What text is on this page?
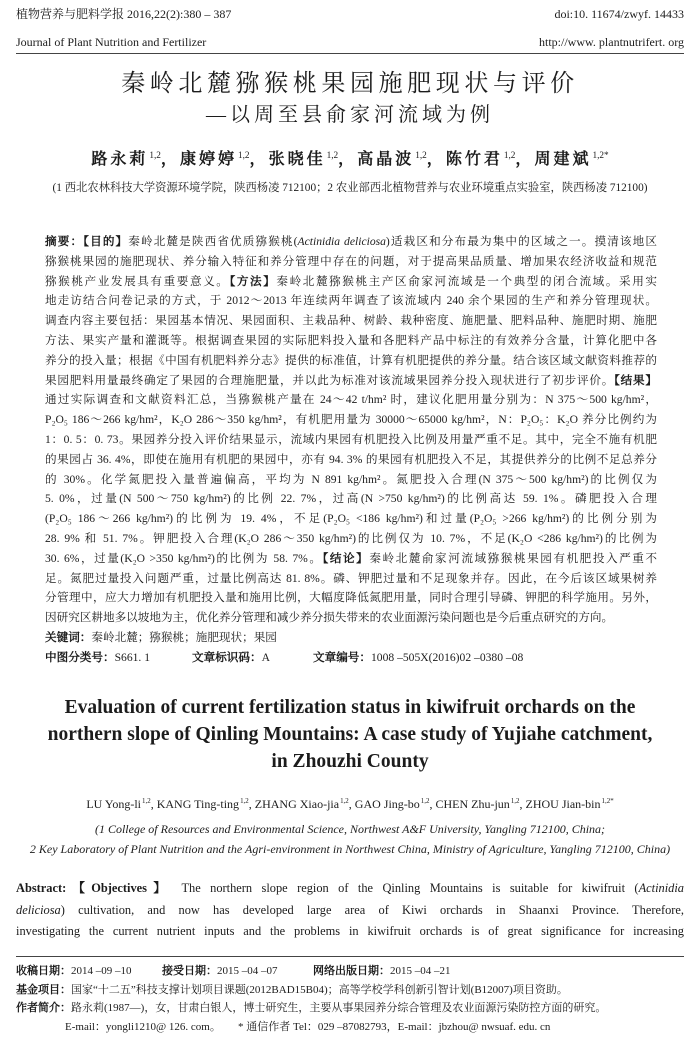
植物营养与肥料学报 2016,22(2):380 – 387	doi:10. 11674/zwyf. 14433
Journal of Plant Nutrition and Fertilizer	http://www. plantnutrifert. org
秦岭北麓猕猴桃果园施肥现状与评价
—以周至县俞家河流域为例
路永莉$^{1,2}$，康婷婷$^{1,2}$，张晓佳$^{1,2}$，高晶波$^{1,2}$，陈竹君$^{1,2}$，周建斌$^{1,2*}$
(1 西北农林科技大学资源环境学院，陕西杨凌 712100；2 农业部西北植物营养与农业环境重点实验室，陕西杨凌 712100)
摘要：【目的】秦岭北麓是陕西省优质猕猴桃(Actinidia deliciosa)适栽区和分布最为集中的区域之一。摸清该地区
猕猴桃果园的施肥现状、养分输入特征和养分管理中存在的问题，对于提高果品质量、增加果农经济收益和规范
猕猴桃产业发展具有重要意义。【方法】秦岭北麓猕猴桃主产区俞家河流域是一个典型的闭合流域。采用实
地走访结合问卷记录的方式，于 2012～2013 年连续两年调查了该流域内 240 余个果园的生产和养分管理现状。
调查内容主要包括：果园基本情况、果园面积、主栽品种、树龄、栽种密度、施肥量、肥料品种、施肥时期、施肥
方法、果实产量和灌溉等。根据调查果园的实际肥料投入量和各肥料产品中标注的有效养分含量，计算化肥中各
养分的投入量；根据《中国有机肥料养分志》提供的标准值，计算有机肥提供的养分量。结合该区域文献资料推荐的
果园肥料用量最终确定了果园的合理施肥量，并以此为标准对该流域果园养分投入现状进行了初步评价。【结果】
通过实际调查和文献资料汇总，当猕猴桃产量在 24～42 t/hm² 时，建议化肥用量分别为：N 375～500 kg/hm²，
P₂O₅ 186～266 kg/hm²，K₂O 286～350 kg/hm²，有机肥用量为 30000～65000 kg/hm²，N：P₂O₅：K₂O 养分比例约为
1：0. 5：0. 73。果园养分投入评价结果显示，流域内果园有机肥投入比例及用量严重不足。其中，完全不施有机肥
的果园占 36. 4%，即使在施用有机肥的果园中，亦有 94. 3% 的果园有机肥投入不足，其提供养分的比例不足总养分
的 30%。化学氮肥投入量普遍偏高，平均为 N 891 kg/hm²。氮肥投入合理(N 375～500 kg/hm²)的比例仅为
5. 0%，过量(N 500～750 kg/hm²)的比例 22. 7%，过高(N >750 kg/hm²)的比例高达 59. 1%。磷肥投入合理
(P₂O₅ 186～266 kg/hm²)的比例为 19. 4%，不足(P₂O₅ <186 kg/hm²)和过量(P₂O₅ >266 kg/hm²)的比例分别为
28. 9% 和 51. 7%。钾肥投入合理(K₂O 286～350 kg/hm²)的比例仅为 10. 7%，不足(K₂O <286 kg/hm²)的比例为
30. 6%，过量(K₂O >350 kg/hm²)的比例为 58. 7%。【结论】秦岭北麓俞家河流域猕猴桃果园有机肥投入严重不
足。氮肥过量投入问题严重，过量比例高达 81. 8%。磷、钾肥过量和不足现象并存。因此，在今后该区域果树养
分管理中，应大力增加有机肥投入量和施用比例，大幅度降低氮肥用量，同时合理引导磷、钾肥的科学施用。另外，
因研究区耕地多以坡地为主，优化养分管理和减少养分损失带来的农业面源污染问题也是今后重点研究的方向。
关键词： 秦岭北麓；猕猴桃；施肥现状；果园
中图分类号：S661. 1	文章标识码：A	文章编号：1008 –505X(2016)02 –0380 –08
Evaluation of current fertilization status in kiwifruit orchards on the
northern slope of Qinling Mountains: A case study of Yujiahe catchment,
in Zhouzhi County
LU Yong-li$^{1,2}$, KANG Ting-ting$^{1,2}$, ZHANG Xiao-jia$^{1,2}$, GAO Jing-bo$^{1,2}$, CHEN Zhu-jun$^{1,2}$, ZHOU Jian-bin$^{1,2*}$
(1 College of Resources and Environmental Science, Northwest A&F University, Yangling 712100, China;
2 Key Laboratory of Plant Nutrition and the Agri-environment in Northwest China, Ministry of Agriculture, Yangling 712100, China)
Abstract:【Objectives】 The northern slope region of the Qinling Mountains is suitable for kiwifruit (Actinidia
deliciosa) cultivation, and now has developed large area of Kiwi orchards in Shaanxi Province. Therefore,
investigating the current nutrient inputs and the problems in kiwifruit orchards is of great significance for increasing
收稿日期：2014 –09 –10	接受日期：2015 –04 –07	网络出版日期：2015 –04 –21
基金项目： 国家“十二五”科技支撑计划项目课题(2012BAD15B04)；高等学校学科创新引智计划(B12007)项目资助。
作者简介： 路永莉(1987—)，女，甘肃白银人，博士研究生，主要从事果园养分综合管理及农业面源污染防控方面的研究。
E-mail：yongli1210@ 126. com。	* 通信作者 Tel：029 –87082793，E-mail：jbzhou@ nwsuaf. edu. cn
